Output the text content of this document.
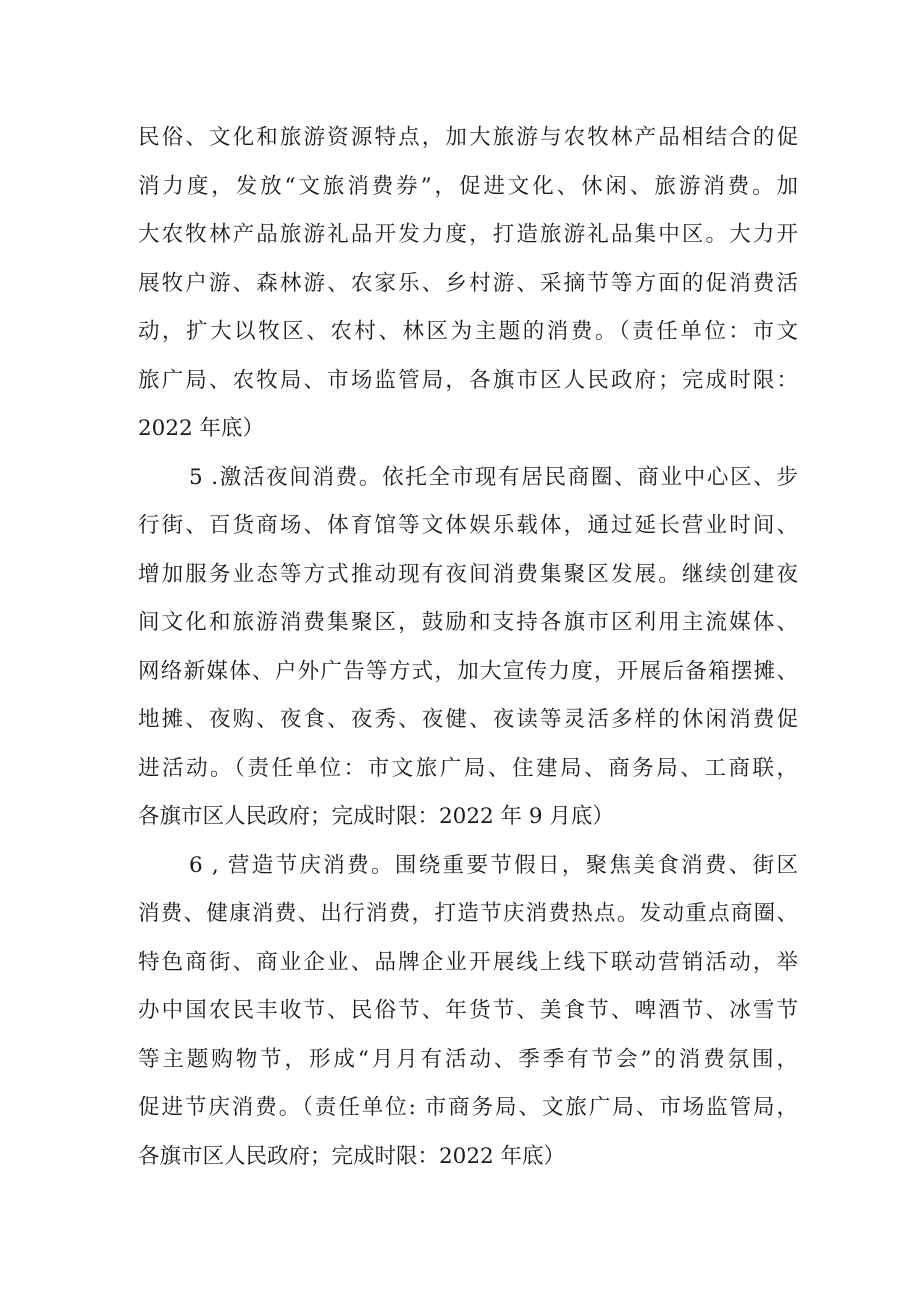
民俗、文化和旅游资源特点，加大旅游与农牧林产品相结合的促
消力度，发放“文旅消费券”，促进文化、休闲、旅游消费。加
大农牧林产品旅游礼品开发力度，打造旅游礼品集中区。大力开
展牧户游、森林游、农家乐、乡村游、采摘节等方面的促消费活
动，扩大以牧区、农村、林区为主题的消费。（责任单位：市文
旅广局、农牧局、市场监管局，各旗市区人民政府；完成时限：
2022 年底）
5 .激活夜间消费。依托全市现有居民商圈、商业中心区、步
行街、百货商场、体育馆等文体娱乐载体，通过延长营业时间、
增加服务业态等方式推动现有夜间消费集聚区发展。继续创建夜
间文化和旅游消费集聚区，鼓励和支持各旗市区利用主流媒体、
网络新媒体、户外广告等方式，加大宣传力度，开展后备箱摆摊、
地摊、夜购、夜食、夜秀、夜健、夜读等灵活多样的休闲消费促
进活动。（责任单位：市文旅广局、住建局、商务局、工商联，
各旗市区人民政府；完成时限：2022 年 9 月底）
6 , 营造节庆消费。围绕重要节假日，聚焦美食消费、街区
消费、健康消费、出行消费，打造节庆消费热点。发动重点商圈、
特色商街、商业企业、品牌企业开展线上线下联动营销活动，举
办中国农民丰收节、民俗节、年货节、美食节、啤酒节、冰雪节
等主题购物节，形成“月月有活动、季季有节会”的消费氛围，
促进节庆消费。（责任单位: 市商务局、文旅广局、市场监管局，
各旗市区人民政府；完成时限：2022 年底）
